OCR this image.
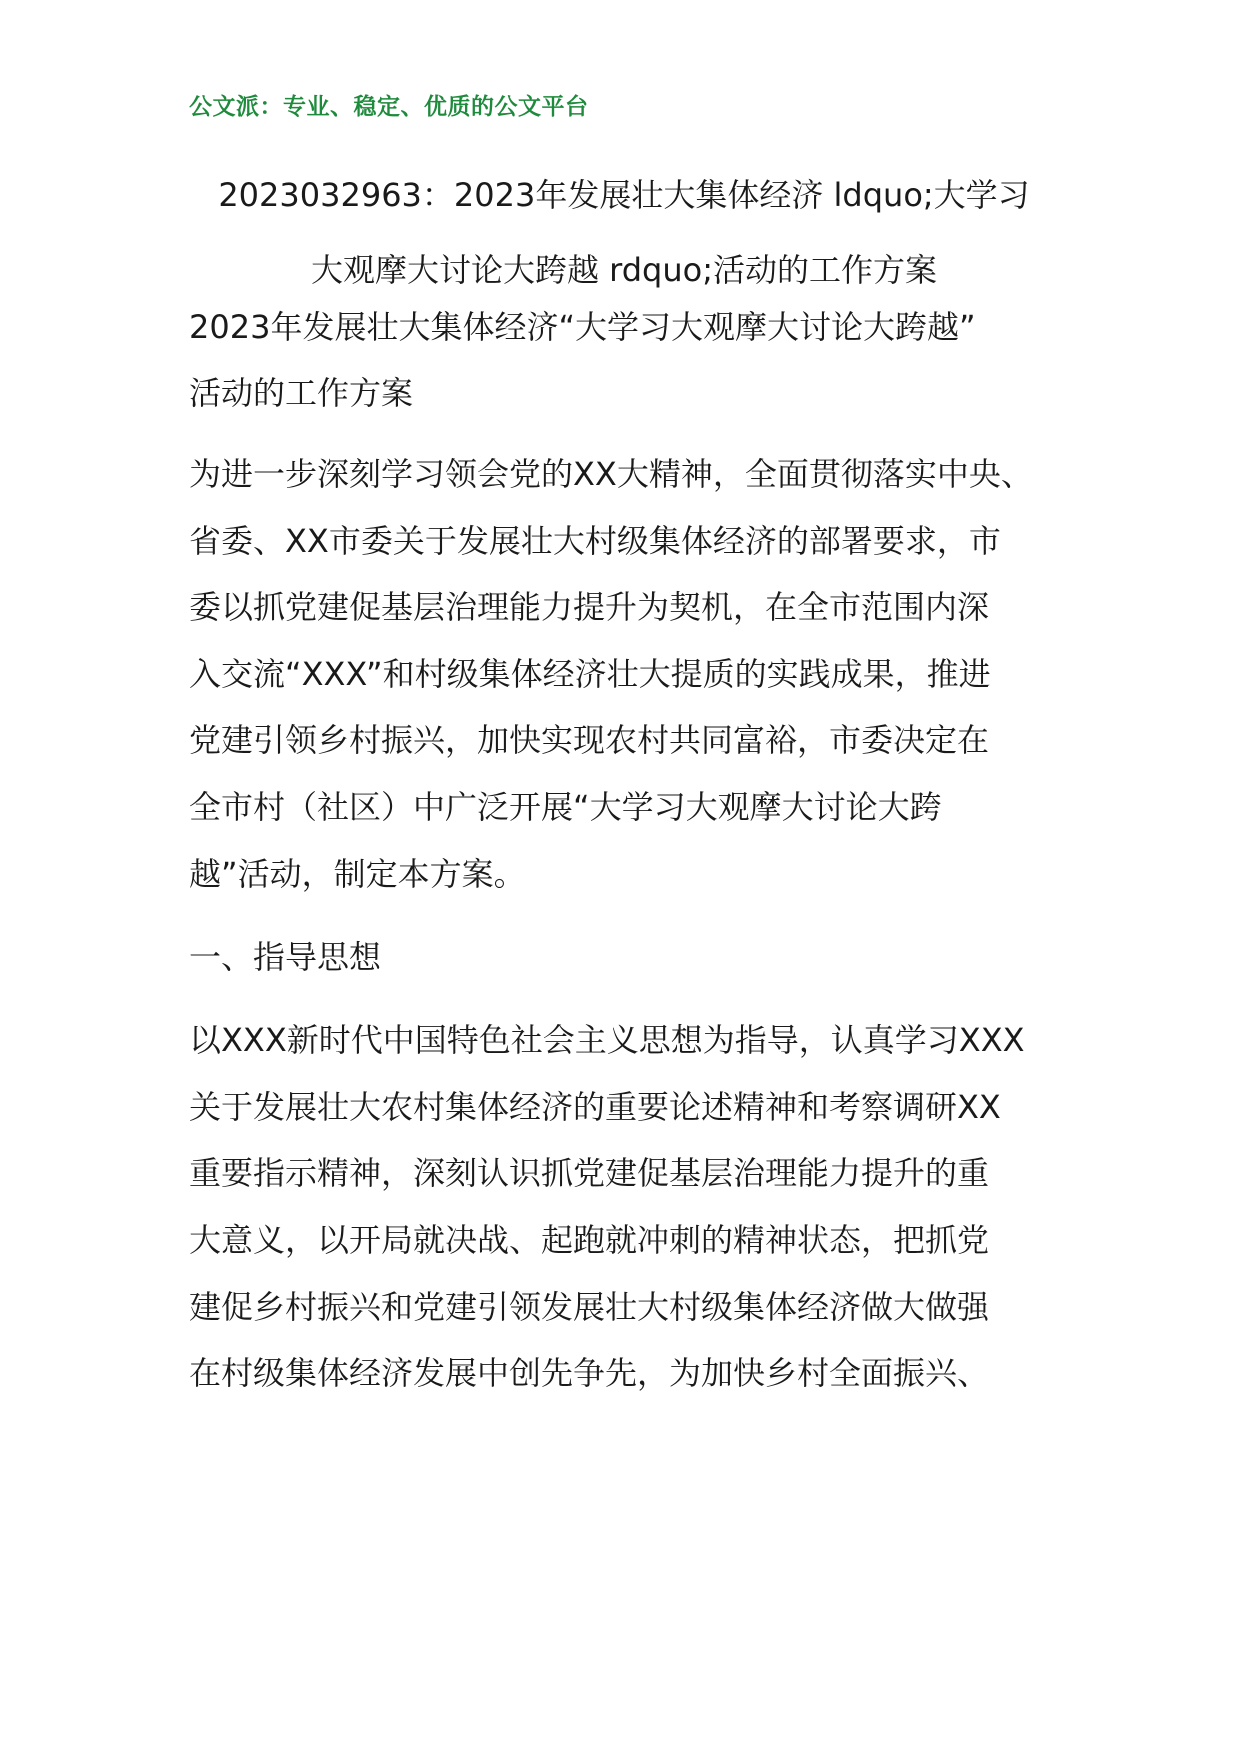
公文派：专业、稳定、优质的公文平台
2023032963：2023年发展壮大集体经济 ldquo;大学习
大观摩大讨论大跨越 rdquo;活动的工作方案
2023年发展壮大集体经济“大学习大观摩大讨论大跨越”
活动的工作方案
为进一步深刻学习领会党的XX大精神，全面贯彻落实中央、
省委、XX市委关于发展壮大村级集体经济的部署要求，市
委以抓党建促基层治理能力提升为契机，在全市范围内深
入交流“XXX”和村级集体经济壮大提质的实践成果，推进
党建引领乡村振兴，加快实现农村共同富裕，市委决定在
全市村（社区）中广泛开展“大学习大观摩大讨论大跨
越”活动，制定本方案。
一、指导思想
以XXX新时代中国特色社会主义思想为指导，认真学习XXX
关于发展壮大农村集体经济的重要论述精神和考察调研XX
重要指示精神，深刻认识抓党建促基层治理能力提升的重
大意义，以开局就决战、起跑就冲刺的精神状态，把抓党
建促乡村振兴和党建引领发展壮大村级集体经济做大做强
在村级集体经济发展中创先争先，为加快乡村全面振兴、
